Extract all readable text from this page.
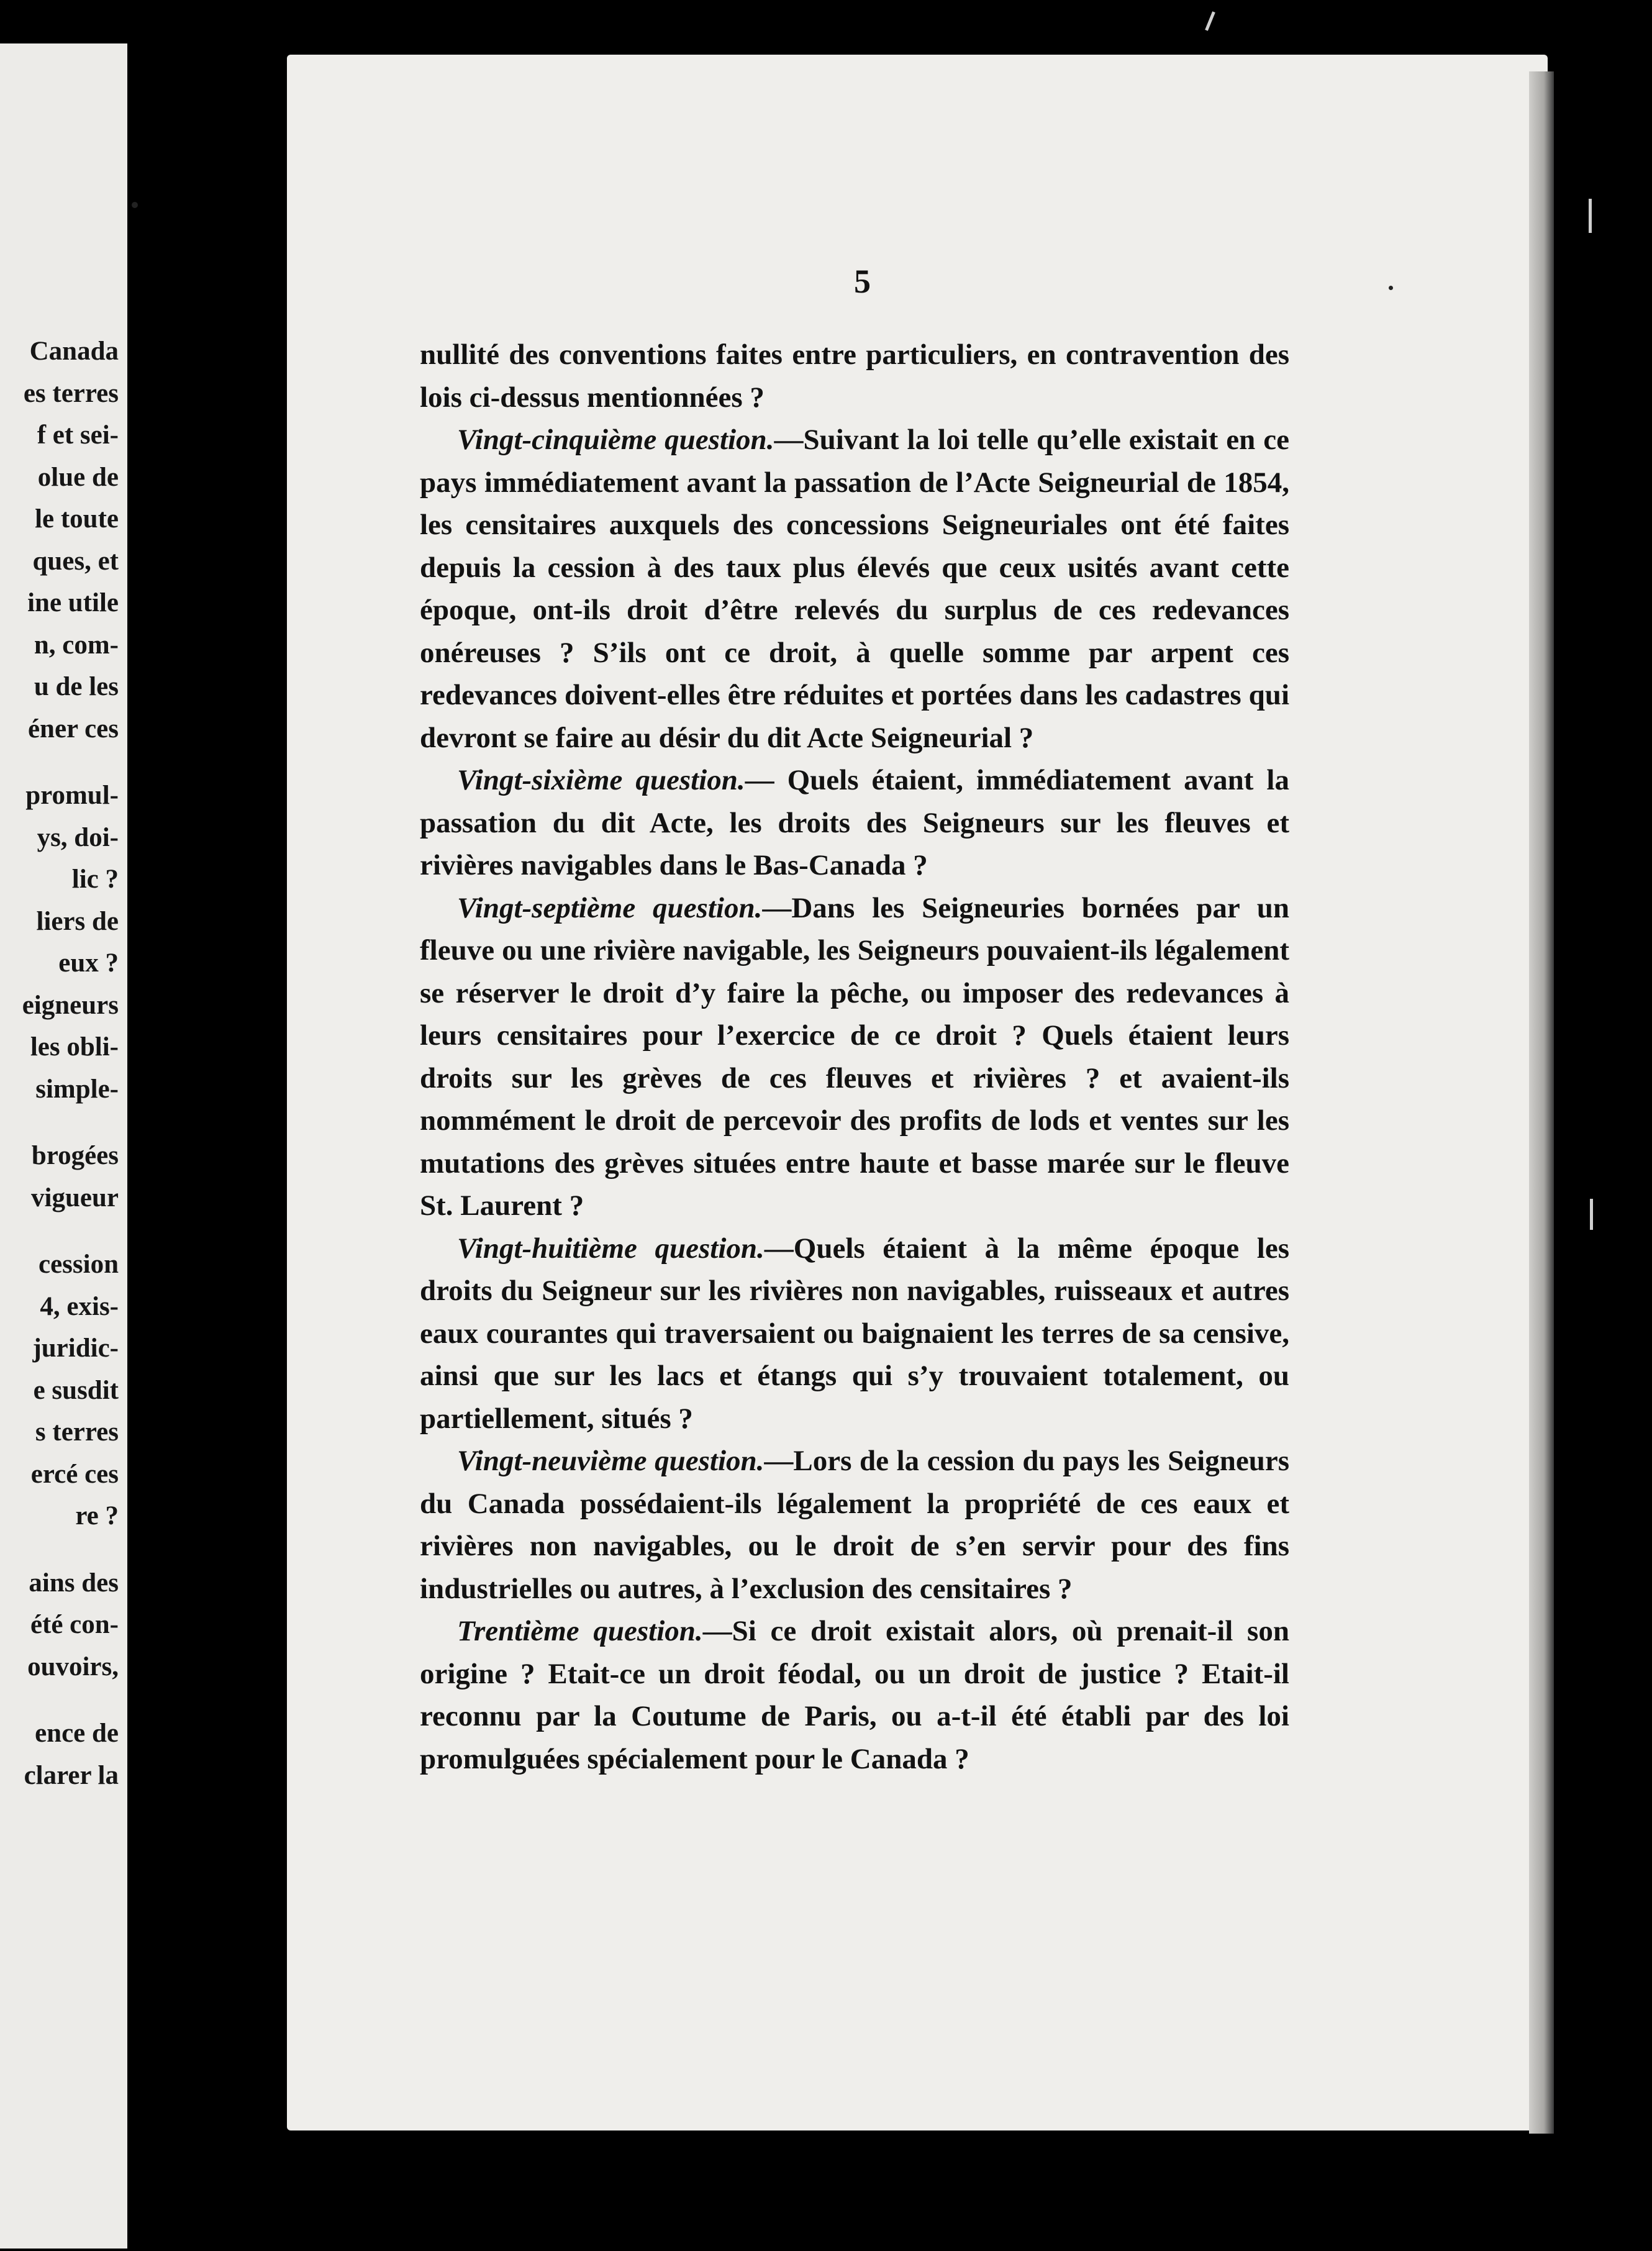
Canada
es terres
f et sei-
olue de
le toute
ques, et
ine utile
n, com-
u de les
éner ces
promul-
ys, doi-
lic ?
liers de
eux ?
eigneurs
les obli-
simple-
brogées
vigueur
cession
4, exis-
juridic-
e susdit
s terres
ercé ces
re ?
ains des
été con-
ouvoirs,
ence de
clarer la
5

nullité des conventions faites entre particuliers, en contravention des lois ci-dessus mentionnées ?

Vingt-cinquième question.—Suivant la loi telle qu’elle existait en ce pays immédiatement avant la passation de l’Acte Seigneurial de 1854, les censitaires auxquels des concessions Seigneuriales ont été faites depuis la cession à des taux plus élevés que ceux usités avant cette époque, ont-ils droit d’être relevés du surplus de ces redevances onéreuses ? S’ils ont ce droit, à quelle somme par arpent ces redevances doivent-elles être réduites et portées dans les cadastres qui devront se faire au désir du dit Acte Seigneurial ?

Vingt-sixième question.— Quels étaient, immédiatement avant la passation du dit Acte, les droits des Seigneurs sur les fleuves et rivières navigables dans le Bas-Canada ?

Vingt-septième question.—Dans les Seigneuries bornées par un fleuve ou une rivière navigable, les Seigneurs pouvaient-ils légalement se réserver le droit d’y faire la pêche, ou imposer des redevances à leurs censitaires pour l’exercice de ce droit ? Quels étaient leurs droits sur les grèves de ces fleuves et rivières ? et avaient-ils nommément le droit de percevoir des profits de lods et ventes sur les mutations des grèves situées entre haute et basse marée sur le fleuve St. Laurent ?

Vingt-huitième question.—Quels étaient à la même époque les droits du Seigneur sur les rivières non navigables, ruisseaux et autres eaux courantes qui traversaient ou baignaient les terres de sa censive, ainsi que sur les lacs et étangs qui s’y trouvaient totalement, ou partiellement, situés ?

Vingt-neuvième question.—Lors de la cession du pays les Seigneurs du Canada possédaient-ils légalement la propriété de ces eaux et rivières non navigables, ou le droit de s’en servir pour des fins industrielles ou autres, à l’exclusion des censitaires ?

Trentième question.—Si ce droit existait alors, où prenait-il son origine ? Etait-ce un droit féodal, ou un droit de justice ? Etait-il reconnu par la Coutume de Paris, ou a-t-il été établi par des loi promulguées spécialement pour le Canada ?
